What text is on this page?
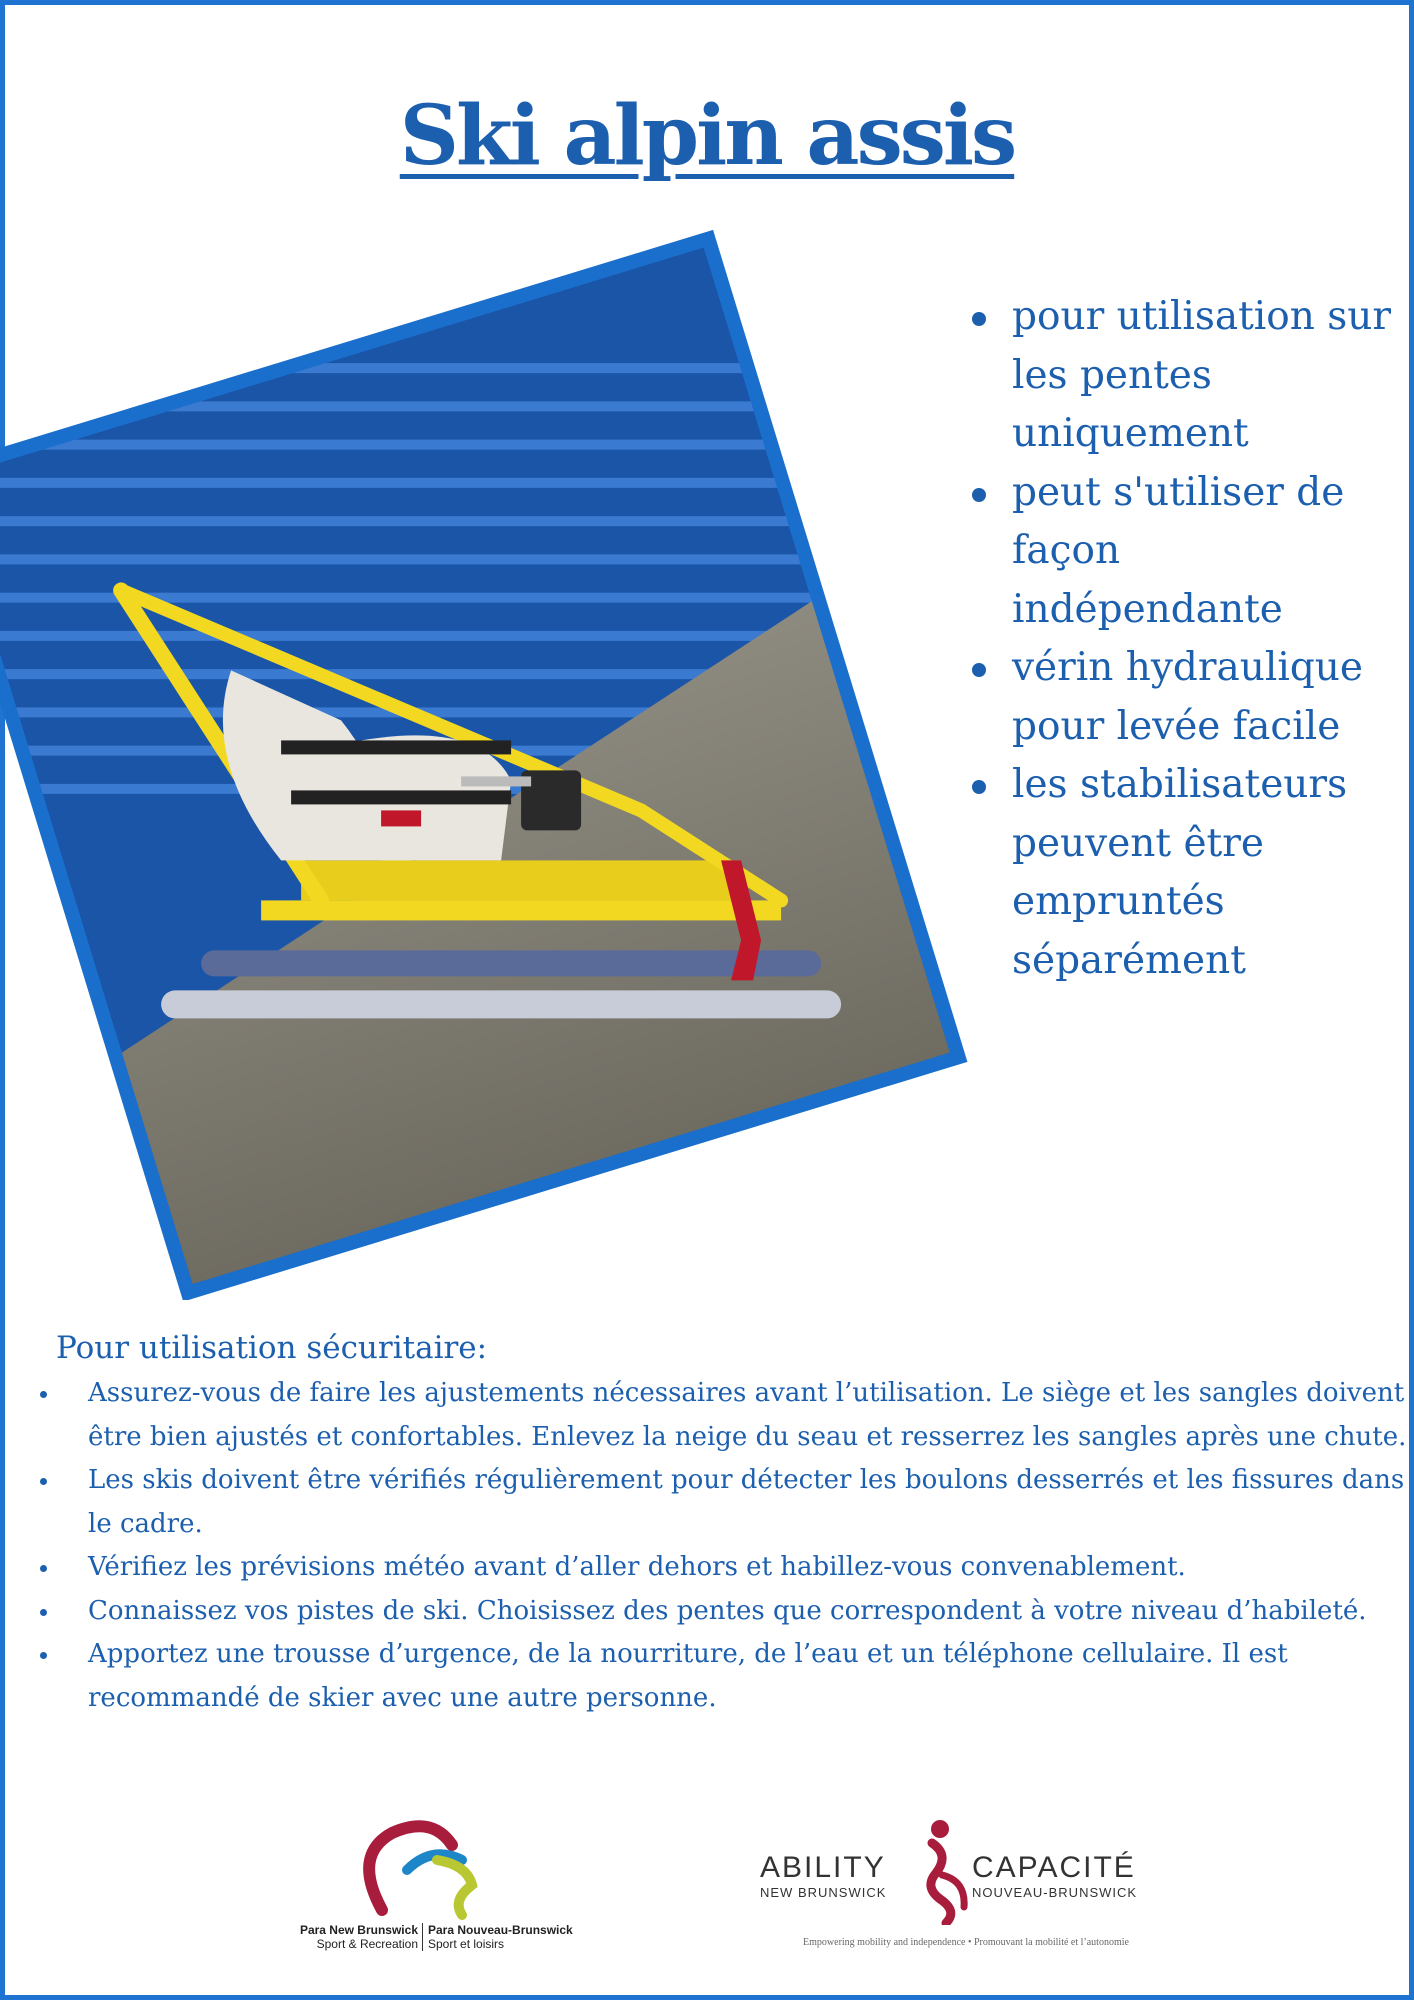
Ski alpin assis
pour utilisation sur les pentes uniquement
peut s'utiliser de façon indépendante
vérin hydraulique pour levée facile
les stabilisateurs peuvent être empruntés séparément
Pour utilisation sécuritaire:
Assurez-vous de faire les ajustements nécessaires avant l’utilisation. Le siège et les sangles doivent être bien ajustés et confortables. Enlevez la neige du seau et resserrez les sangles après une chute.
Les skis doivent être vérifiés régulièrement pour détecter les boulons desserrés et les fissures dans le cadre.
Vérifiez les prévisions météo avant d’aller dehors et habillez-vous convenablement.
Connaissez vos pistes de ski. Choisissez des pentes que correspondent à votre niveau d’habileté.
Apportez une trousse d’urgence, de la nourriture, de l’eau et un téléphone cellulaire. Il est recommandé de skier avec une autre personne.
Para New Brunswick
Sport & Recreation
Para Nouveau-Brunswick
Sport et loisirs
ABILITY
NEW BRUNSWICK
CAPACITÉ
NOUVEAU-BRUNSWICK
Empowering mobility and independence • Promouvant la mobilité et l’autonomie
